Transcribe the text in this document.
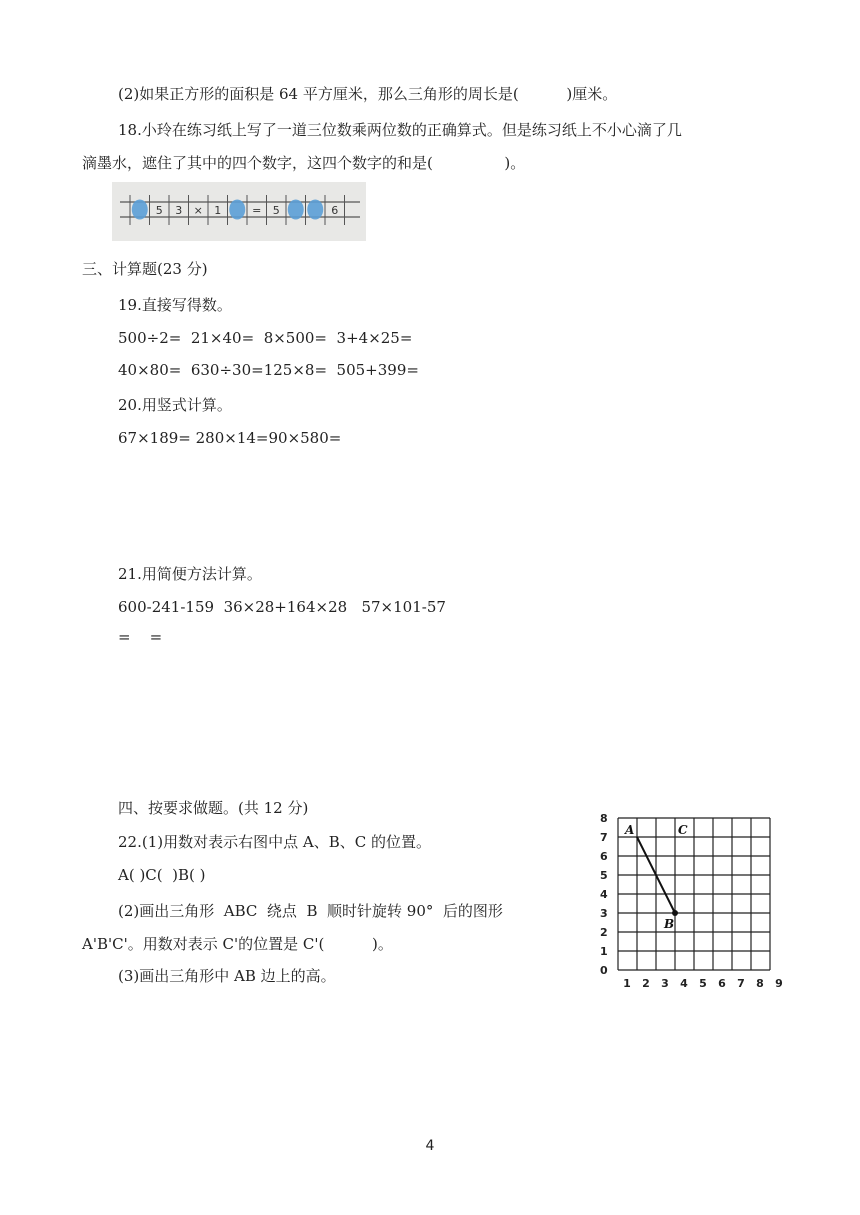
(2)如果正方形的面积是 64 平方厘米，那么三角形的周长是(          )厘米。
18.小玲在练习纸上写了一道三位数乘两位数的正确算式。但是练习纸上不小心滴了几
滴墨水，遮住了其中的四个数字，这四个数字的和是(               )。
5 3 × 1	= 5	6
三、计算题(23 分)
19.直接写得数。
500÷2=  21×40=  8×500=  3+4×25=
40×80=  630÷30=125×8=  505+399=
20.用竖式计算。
67×189= 280×14=90×580=
21.用简便方法计算。
600-241-159  36×28+164×28   57×101-57
=    =
四、按要求做题。(共 12 分)
22.(1)用数对表示右图中点 A、B、C 的位置。
A( )C(  )B( )
(2)画出三角形  ABC  绕点  B  顺时针旋转 90°  后的图形
A'B'C'。用数对表示 C'的位置是 C'(          )。
(3)画出三角形中 AB 边上的高。
8
7
6
5
4
3
2
1
0
1 2 3 4 5 6 7 8 9
A
B
C
4
